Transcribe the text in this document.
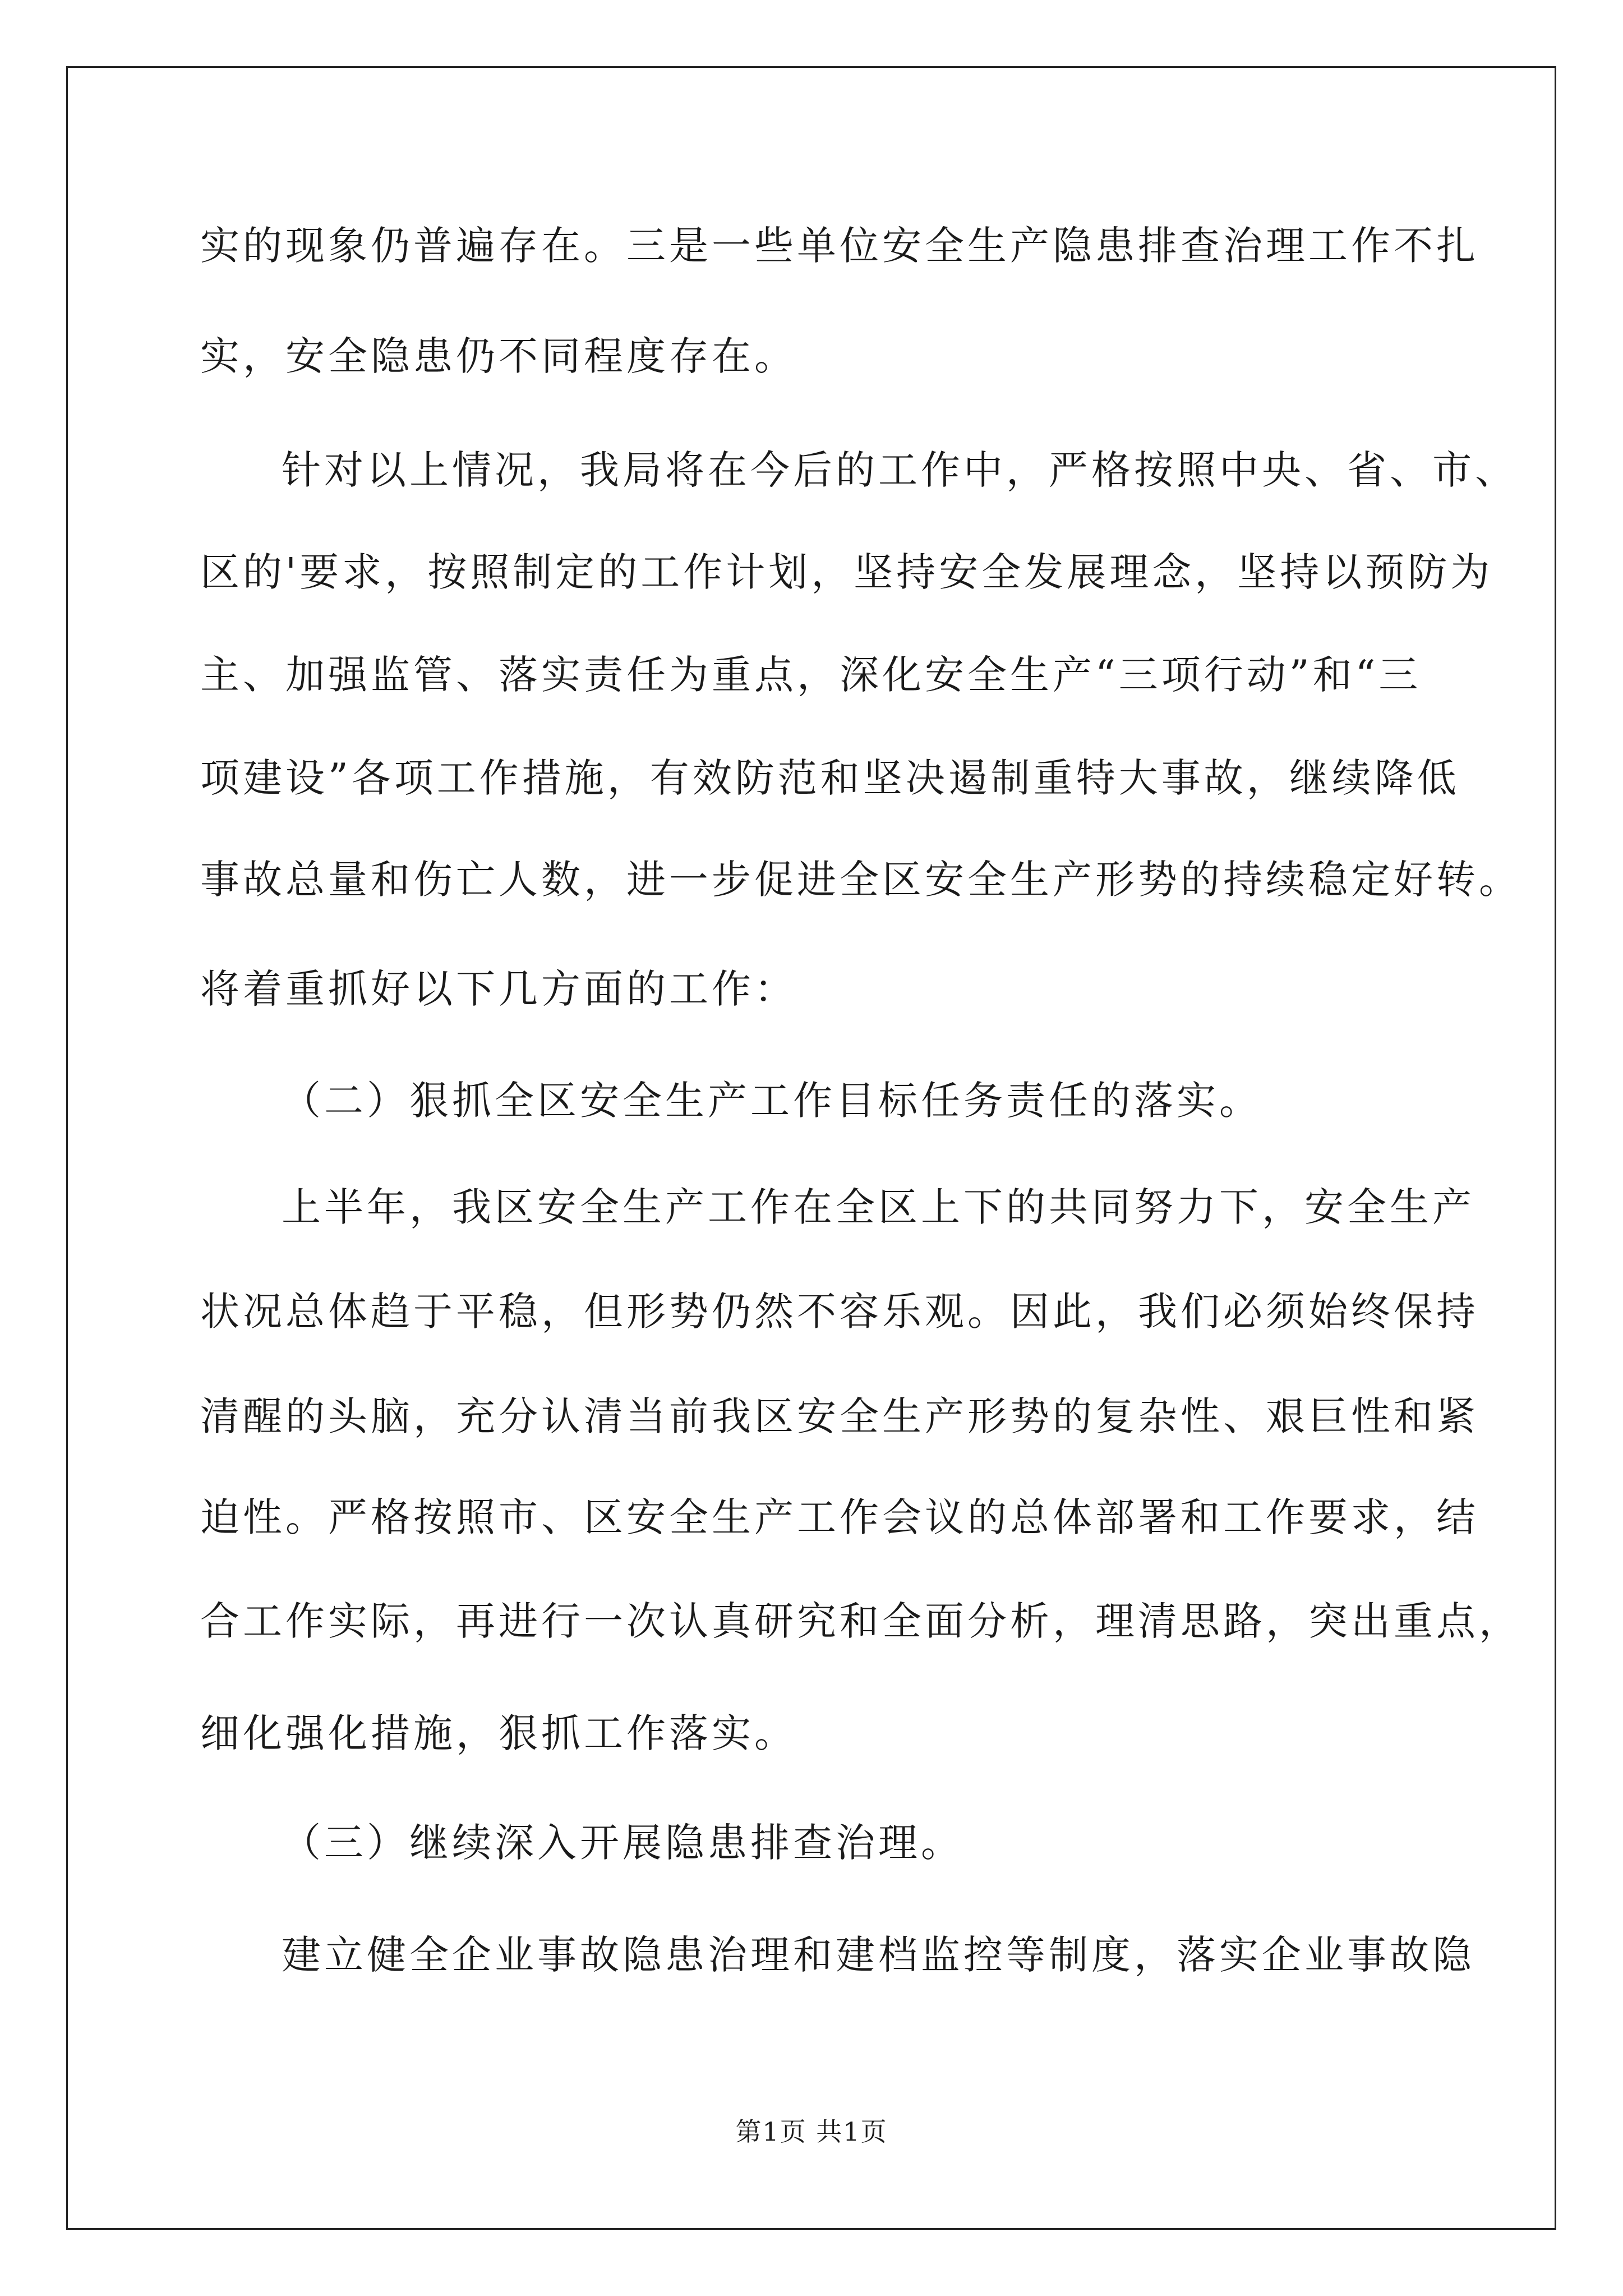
实的现象仍普遍存在。三是一些单位安全生产隐患排查治理工作不扎
实，安全隐患仍不同程度存在。
针对以上情况，我局将在今后的工作中，严格按照中央、省、市、
区的'要求，按照制定的工作计划，坚持安全发展理念，坚持以预防为
主、加强监管、落实责任为重点，深化安全生产“三项行动”和“三
项建设”各项工作措施，有效防范和坚决遏制重特大事故，继续降低
事故总量和伤亡人数，进一步促进全区安全生产形势的持续稳定好转。
将着重抓好以下几方面的工作：
（二）狠抓全区安全生产工作目标任务责任的落实。
上半年，我区安全生产工作在全区上下的共同努力下，安全生产
状况总体趋于平稳，但形势仍然不容乐观。因此，我们必须始终保持
清醒的头脑，充分认清当前我区安全生产形势的复杂性、艰巨性和紧
迫性。严格按照市、区安全生产工作会议的总体部署和工作要求，结
合工作实际，再进行一次认真研究和全面分析，理清思路，突出重点，
细化强化措施，狠抓工作落实。
（三）继续深入开展隐患排查治理。
建立健全企业事故隐患治理和建档监控等制度，落实企业事故隐
第1页 共1页
